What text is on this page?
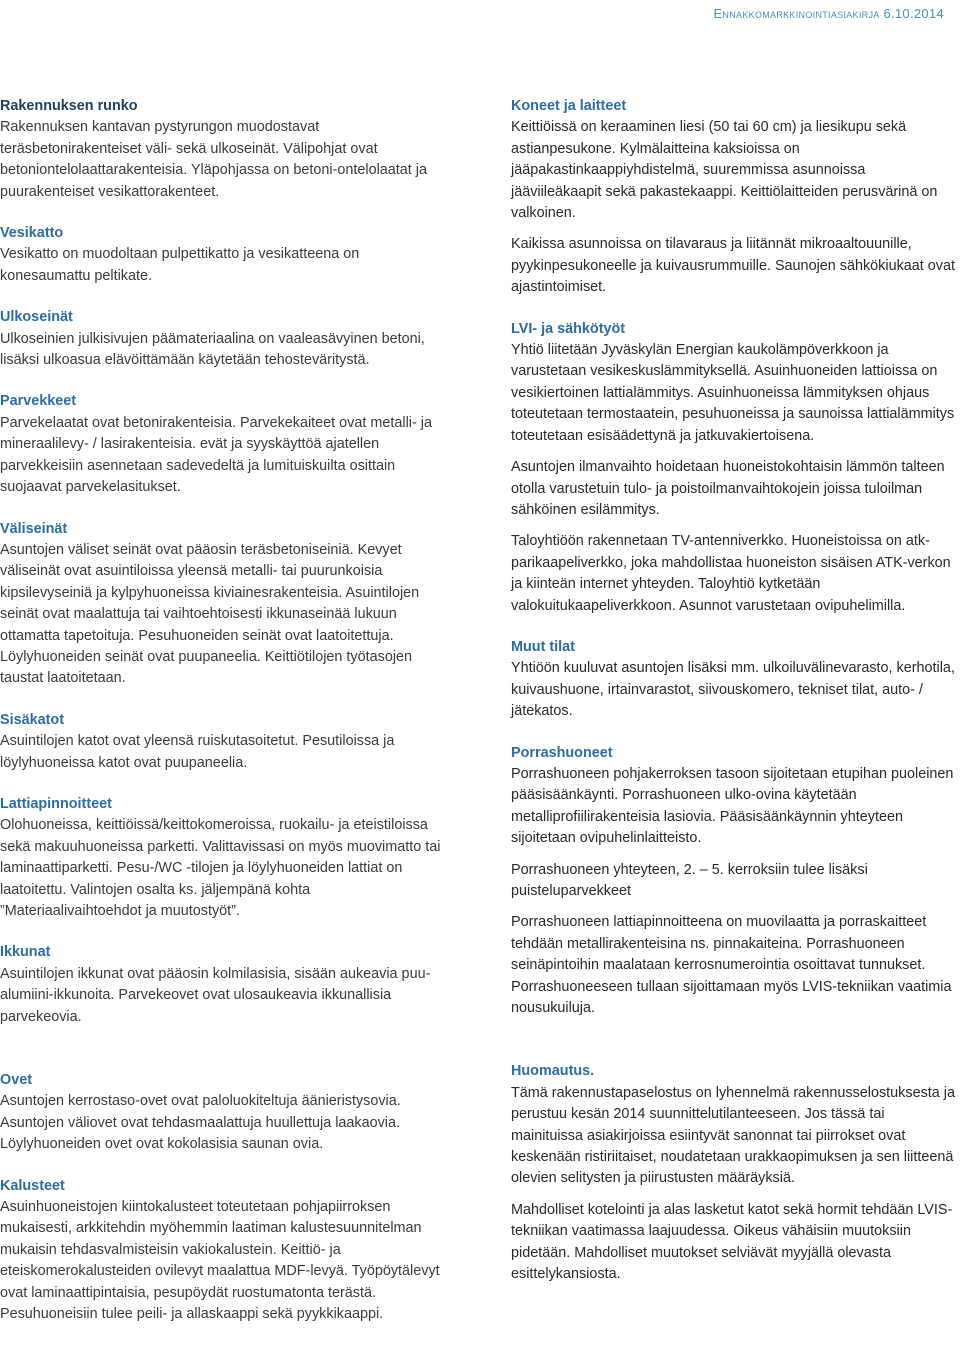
Ennakkomarkkinointiasiakirja 6.10.2014
Rakennuksen runko
Rakennuksen kantavan pystyrungon muodostavat teräsbetonirakenteiset väli- sekä ulkoseinät. Välipohjat ovat betoniontelolaattarakenteisia. Yläpohjassa on betoni-ontelolaatat ja puurakenteiset vesikattorakenteet.
Vesikatto
Vesikatto on muodoltaan pulpettikatto ja vesikatteena on konesaumattu peltikate.
Ulkoseinät
Ulkoseinien julkisivujen päämateriaalina on vaaleasävyinen betoni, lisäksi ulkoasua elävöittämään käytetään tehosteväritystä.
Parvekkeet
Parvekelaatat ovat betonirakenteisia. Parvekekaiteet ovat metalli- ja mineraalilevy- / lasirakenteisia. evät ja syyskäyttöä ajatellen parvekkeisiin asennetaan sadevedeltä ja lumituiskuilta osittain suojaavat parvekelasitukset.
Väliseinät
Asuntojen väliset seinät ovat pääosin teräsbetoniseiniä. Kevyet väliseinät ovat asuintiloissa yleensä metalli- tai puurunkoisia kipsilevyseiniä ja kylpyhuoneissa kiviainesrakenteisia. Asuintilojen seinät ovat maalattuja tai vaihtoehtoisesti ikkunaseinää lukuun ottamatta tapetoituja. Pesuhuoneiden seinät ovat laatoitettuja. Löylyhuoneiden seinät ovat puupaneelia. Keittiötilojen työtasojen taustat laatoitetaan.
Sisäkatot
Asuintilojen katot ovat yleensä ruiskutasoitetut. Pesutiloissa ja löylyhuoneissa katot ovat puupaneelia.
Lattiapinnoitteet
Olohuoneissa, keittiöissä/keittokomeroissa, ruokailu- ja eteistiloissa sekä makuuhuoneissa parketti. Valittavissasi on myös muovimatto tai laminaattiparketti. Pesu-/WC -tilojen ja löylyhuoneiden lattiat on laatoitettu. Valintojen osalta ks. jäljempänä kohta ”Materiaalivaihtoehdot ja muutostyöt”.
Ikkunat
Asuintilojen ikkunat ovat pääosin kolmilasisia, sisään aukeavia puu-alumiini-ikkunoita. Parvekeovet ovat ulosaukeavia ikkunallisia parvekeovia.
Ovet
Asuntojen kerrostaso-ovet ovat paloluokiteltuja äänieristysovia. Asuntojen väliovet ovat tehdasmaalattuja huullettuja laakaovia. Löylyhuoneiden ovet ovat kokolasisia saunan ovia.
Kalusteet
Asuinhuoneistojen kiintokalusteet toteutetaan pohjapiirroksen mukaisesti, arkkitehdin myöhemmin laatiman kalustesuunnitelman mukaisin tehdasvalmisteisin vakiokalustein. Keittiö- ja eteiskomerokalusteiden ovilevyt maalattua MDF-levyä. Työpöytälevyt ovat laminaattipintaisia, pesupöydät ruostumatonta terästä. Pesuhuoneisiin tulee peili- ja allaskaappi sekä pyykkikaappi.
Koneet ja laitteet
Keittiöissä on keraaminen liesi (50 tai 60 cm) ja liesikupu sekä astianpesukone. Kylmälaitteina kaksioissa on jääpakastinkaappiyhdistelmä, suuremmissa asunnoissa jääviileäkaapit sekä pakastekaappi. Keittiölaitteiden perusvärinä on valkoinen.
Kaikissa asunnoissa on tilavaraus ja liitännät mikroaaltouunille, pyykinpesukoneelle ja kuivausrummuille. Saunojen sähkökiukaat ovat ajastintoimiset.
LVI- ja sähkötyöt
Yhtiö liitetään Jyväskylän Energian kaukolämpöverkkoon ja varustetaan vesikeskuslämmityksellä. Asuinhuoneiden lattioissa on vesikiertoinen lattialämmitys. Asuinhuoneissa lämmityksen ohjaus toteutetaan termostaatein, pesuhuoneissa ja saunoissa lattialämmitys toteutetaan esisäädettynä ja jatkuvakiertoisena.
Asuntojen ilmanvaihto hoidetaan huoneistokohtaisin lämmön talteen otolla varustetuin tulo- ja poistoilmanvaihtokojein joissa tuloilman sähköinen esilämmitys.
Taloyhtiöön rakennetaan TV-antenniverkko. Huoneistoissa on atk-parikaapeliverkko, joka mahdollistaa huoneiston sisäisen ATK-verkon ja kiinteän internet yhteyden. Taloyhtiö kytketään valokuitukaapeliverkkoon. Asunnot varustetaan ovipuhelimilla.
Muut tilat
Yhtiöön kuuluvat asuntojen lisäksi mm. ulkoiluvälinevarasto, kerhotila, kuivaushuone, irtainvarastot, siivouskomero, tekniset tilat, auto- / jätekatos.
Porrashuoneet
Porrashuoneen pohjakerroksen tasoon sijoitetaan etupihan puoleinen pääsisäänkäynti. Porrashuoneen ulko-ovina käytetään metalliprofiilirakenteisia lasiovia. Pääsisäänkäynnin yhteyteen sijoitetaan ovipuhelinlaitteisto.
Porrashuoneen yhteyteen, 2. – 5. kerroksiin tulee lisäksi puisteluparvekkeet
Porrashuoneen lattiapinnoitteena on muovilaatta ja porraskaitteet tehdään metallirakenteisina ns. pinnakaiteina. Porrashuoneen seinäpintoihin maalataan kerrosnumerointia osoittavat tunnukset. Porrashuoneeseen tullaan sijoittamaan myös LVIS-tekniikan vaatimia nousukuiluja.
Huomautus.
Tämä rakennustapaselostus on lyhennelmä rakennusselostuksesta ja perustuu kesän 2014 suunnittelutilanteeseen. Jos tässä tai mainituissa asiakirjoissa esiintyvät sanonnat tai piirrokset ovat keskenään ristiriitaiset, noudatetaan urakkaopimuksen ja sen liitteenä olevien selitysten ja piirustusten määräyksiä.
Mahdolliset kotelointi ja alas lasketut katot sekä hormit tehdään LVIS-tekniikan vaatimassa laajuudessa. Oikeus vähäisiin muutoksiin pidetään. Mahdolliset muutokset selviävät myyjällä olevasta esittelykansiosta.
